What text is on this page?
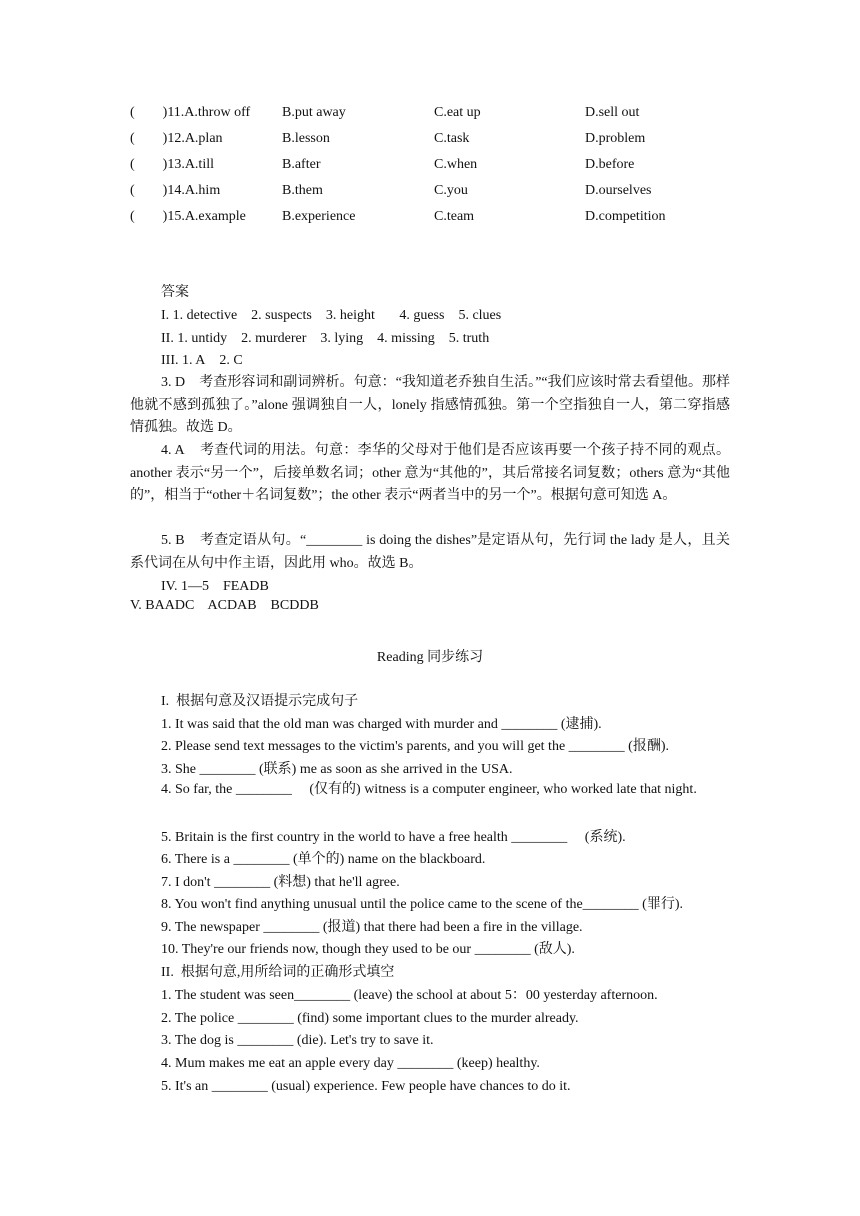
(        )11.A.throw off B.put away	C.eat up	D.sell out
(        )12.A.plan	B.lesson	C.task	D.problem
(        )13.A.till	B.after	C.when	D.before
(        )14.A.him	B.them	C.you	D.ourselves
(        )15.A.example	B.experience	C.team	D.competition
答案
I. 1. detective    2. suspects    3. height       4. guess    5. clues
II. 1. untidy    2. murderer    3. lying    4. missing    5. truth
III. 1. A    2. C
3. D    考查形容词和副词辨析。句意：“我知道老乔独自生活。”“我们应该时常去看望他。那样他就不感到孤独了。”alone 强调独自一人，lonely 指感情孤独。第一个空指独自一人，第二穿指感情孤独。故选 D。
4. A    考查代词的用法。句意：李华的父母对于他们是否应该再要一个孩子持不同的观点。another 表示“另一个”，后接单数名词；other 意为“其他的”，其后常接名词复数；others 意为“其他的”，相当于“other＋名词复数”；the other 表示“两者当中的另一个”。根据句意可知选 A。
5. B    考查定语从句。“________ is doing the dishes”是定语从句，先行词 the lady 是人，且关系代词在从句中作主语，因此用 who。故选 B。
IV. 1—5    FEADB
V. BAADC    ACDAB    BCDDB
Reading 同步练习
I.  根据句意及汉语提示完成句子
1. It was said that the old man was charged with murder and ________ (逮捕).
2. Please send text messages to the victim's parents, and you will get the ________ (报酬).
3. She ________ (联系) me as soon as she arrived in the USA.
4. So far, the ________     (仅有的) witness is a computer engineer, who worked late that night.
5. Britain is the first country in the world to have a free health ________     (系统).
6. There is a ________ (单个的) name on the blackboard.
7. I don't ________ (料想) that he'll agree.
8. You won't find anything unusual until the police came to the scene of the________ (罪行).
9. The newspaper ________ (报道) that there had been a fire in the village.
10. They're our friends now, though they used to be our ________ (敌人).
II.  根据句意,用所给词的正确形式填空
1. The student was seen________ (leave) the school at about 5：00 yesterday afternoon.
2. The police ________ (find) some important clues to the murder already.
3. The dog is ________ (die). Let's try to save it.
4. Mum makes me eat an apple every day ________ (keep) healthy.
5. It's an ________ (usual) experience. Few people have chances to do it.
